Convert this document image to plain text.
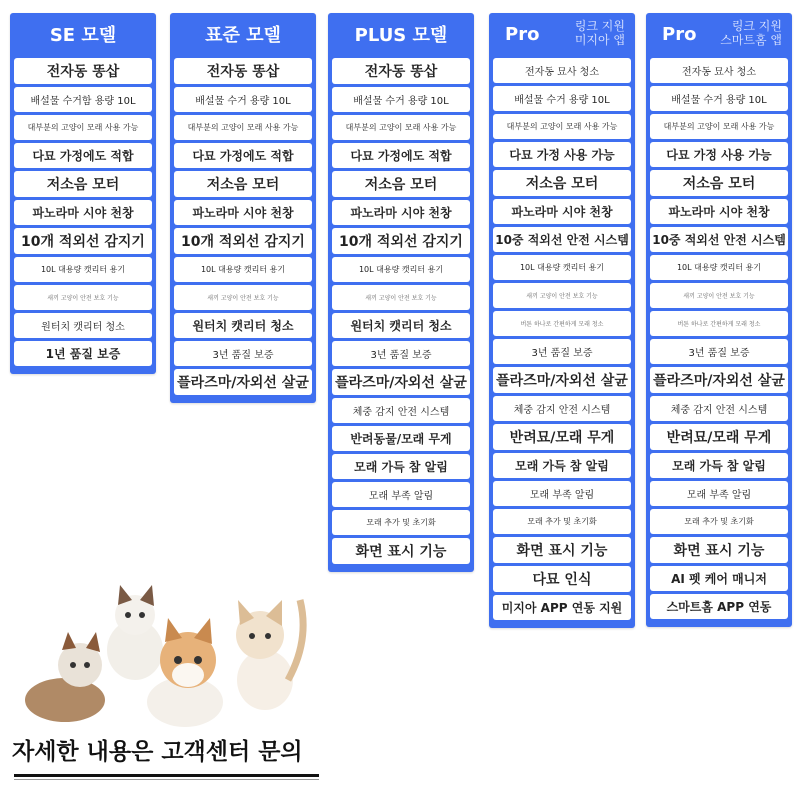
SE 모델
전자동 똥삽
배설물 수거함 용량 10L
대부분의 고양이 모래 사용 가능
다묘 가정에도 적합
저소음 모터
파노라마 시야 천창
10개 적외선 감지기
10L 대용량 캣리터 용기
새끼 고양이 안전 보호 기능
원터치 캣리터 청소
1년 품질 보증
표준 모델
전자동 똥삽
배설물 수거 용량 10L
대부분의 고양이 모래 사용 가능
다묘 가정에도 적합
저소음 모터
파노라마 시야 천창
10개 적외선 감지기
10L 대용량 캣리터 용기
새끼 고양이 안전 보호 기능
원터치 캣리터 청소
3년 품질 보증
플라즈마/자외선 살균
PLUS 모델
전자동 똥삽
배설물 수거 용량 10L
대부분의 고양이 모래 사용 가능
다묘 가정에도 적합
저소음 모터
파노라마 시야 천창
10개 적외선 감지기
10L 대용량 캣리터 용기
새끼 고양이 안전 보호 기능
원터치 캣리터 청소
3년 품질 보증
플라즈마/자외선 살균
체중 감지 안전 시스템
반려동물/모래 무게
모래 가득 참 알림
모래 부족 알림
모래 추가 및 초기화
화면 표시 기능
Pro	링크 지원
미지아 앱
전자동 묘사 청소
배설물 수거 용량 10L
대부분의 고양이 모래 사용 가능
다묘 가정 사용 가능
저소음 모터
파노라마 시야 천창
10중 적외선 안전 시스템
10L 대용량 캣리터 용기
새끼 고양이 안전 보호 기능
버튼 하나로 간편하게 모래 청소
3년 품질 보증
플라즈마/자외선 살균
체중 감지 안전 시스템
반려묘/모래 무게
모래 가득 참 알림
모래 부족 알림
모래 추가 및 초기화
화면 표시 기능
다묘 인식
미지아 APP 연동 지원
Pro	링크 지원
스마트홈 앱
전자동 묘사 청소
배설물 수거 용량 10L
대부분의 고양이 모래 사용 가능
다묘 가정 사용 가능
저소음 모터
파노라마 시야 천창
10중 적외선 안전 시스템
10L 대용량 캣리터 용기
새끼 고양이 안전 보호 기능
버튼 하나로 간편하게 모래 청소
3년 품질 보증
플라즈마/자외선 살균
체중 감지 안전 시스템
반려묘/모래 무게
모래 가득 참 알림
모래 부족 알림
모래 추가 및 초기화
화면 표시 기능
AI 펫 케어 매니저
스마트홈 APP 연동
자세한 내용은 고객센터 문의
